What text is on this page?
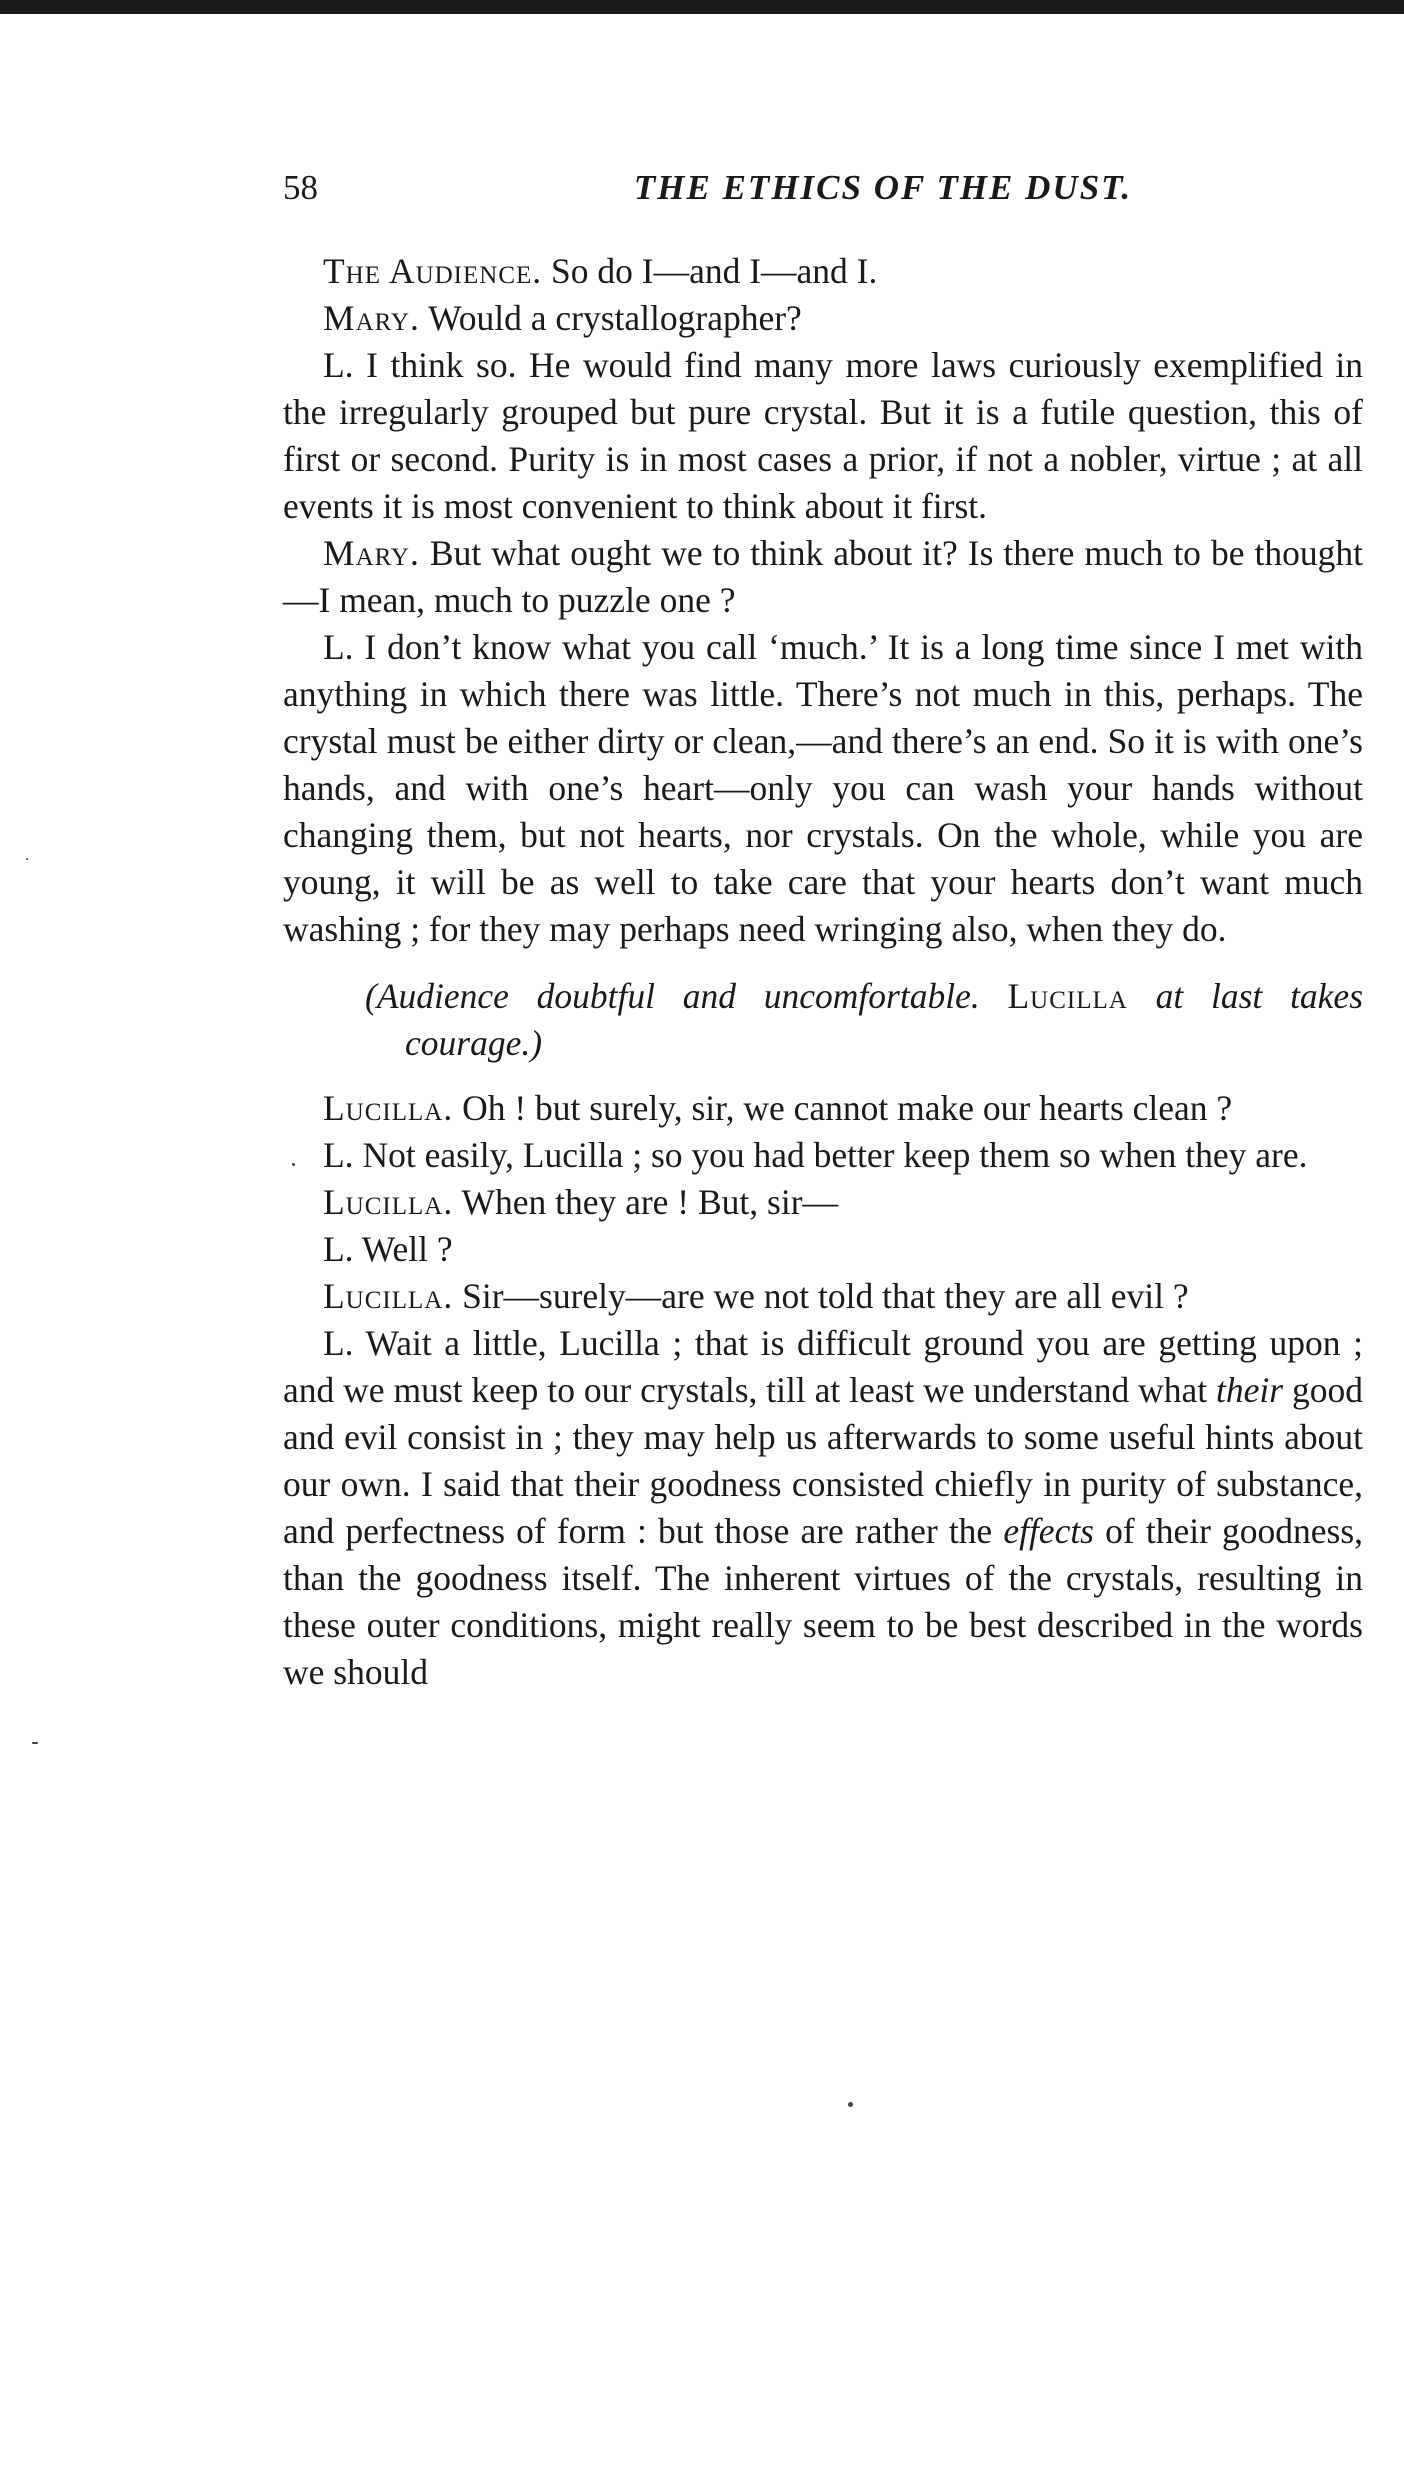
58	THE ETHICS OF THE DUST.

The Audience. So do I—and I—and I.

Mary. Would a crystallographer?

L. I think so. He would find many more laws curiously exemplified in the irregularly grouped but pure crystal. But it is a futile question, this of first or second. Purity is in most cases a prior, if not a nobler, virtue ; at all events it is most convenient to think about it first.

Mary. But what ought we to think about it? Is there much to be thought—I mean, much to puzzle one ?

L. I don’t know what you call ‘much.’ It is a long time since I met with anything in which there was little. There’s not much in this, perhaps. The crystal must be either dirty or clean,—and there’s an end. So it is with one’s hands, and with one’s heart—only you can wash your hands without changing them, but not hearts, nor crystals. On the whole, while you are young, it will be as well to take care that your hearts don’t want much washing ; for they may perhaps need wringing also, when they do.

(Audience doubtful and uncomfortable. Lucilla at last takes courage.)

Lucilla. Oh ! but surely, sir, we cannot make our hearts clean ?

L. Not easily, Lucilla ; so you had better keep them so when they are.

Lucilla. When they are ! But, sir—

L. Well ?

Lucilla. Sir—surely—are we not told that they are all evil ?

L. Wait a little, Lucilla ; that is difficult ground you are getting upon ; and we must keep to our crystals, till at least we understand what their good and evil consist in ; they may help us afterwards to some useful hints about our own. I said that their goodness consisted chiefly in purity of substance, and perfectness of form : but those are rather the effects of their goodness, than the goodness itself. The inherent virtues of the crystals, resulting in these outer conditions, might really seem to be best described in the words we should
